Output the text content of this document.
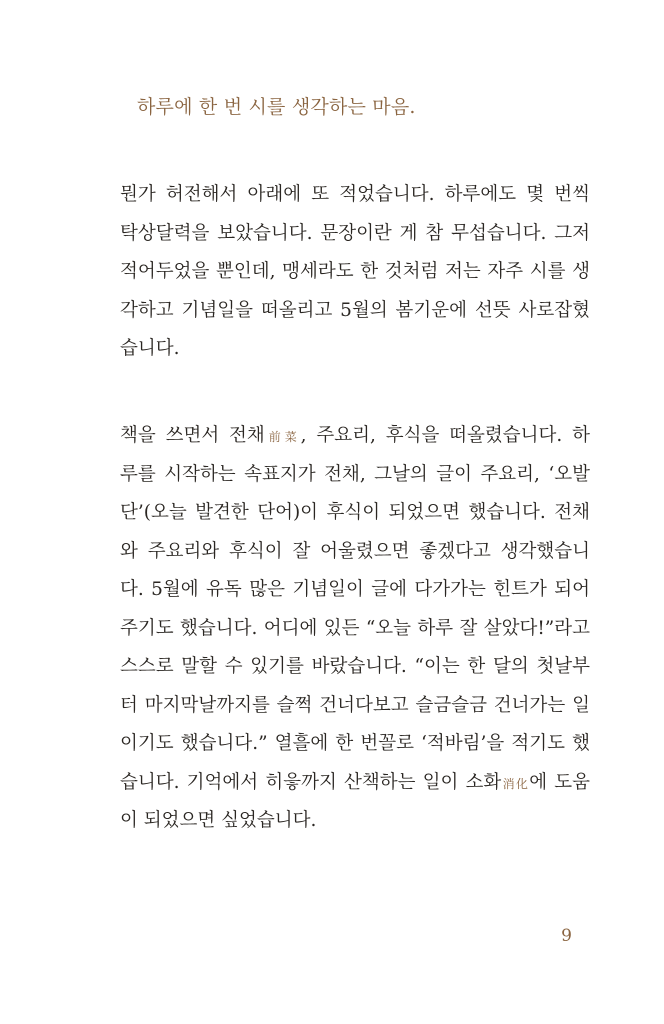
하루에 한 번 시를 생각하는 마음.
뭔가 허전해서 아래에 또 적었습니다. 하루에도 몇 번씩
탁상달력을 보았습니다. 문장이란 게 참 무섭습니다. 그저
적어두었을 뿐인데, 맹세라도 한 것처럼 저는 자주 시를 생
각하고 기념일을 떠올리고 5월의 봄기운에 선뜻 사로잡혔
습니다.
책을 쓰면서 전채前菜, 주요리, 후식을 떠올렸습니다. 하
루를 시작하는 속표지가 전채, 그날의 글이 주요리, ‘오발
단’(오늘 발견한 단어)이 후식이 되었으면 했습니다. 전채
와 주요리와 후식이 잘 어울렸으면 좋겠다고 생각했습니
다. 5월에 유독 많은 기념일이 글에 다가가는 힌트가 되어
주기도 했습니다. 어디에 있든 “오늘 하루 잘 살았다!”라고
스스로 말할 수 있기를 바랐습니다. “이는 한 달의 첫날부
터 마지막날까지를 슬쩍 건너다보고 슬금슬금 건너가는 일
이기도 했습니다.” 열흘에 한 번꼴로 ‘적바림’을 적기도 했
습니다. 기억에서 히읗까지 산책하는 일이 소화消化에 도움
이 되었으면 싶었습니다.
9
